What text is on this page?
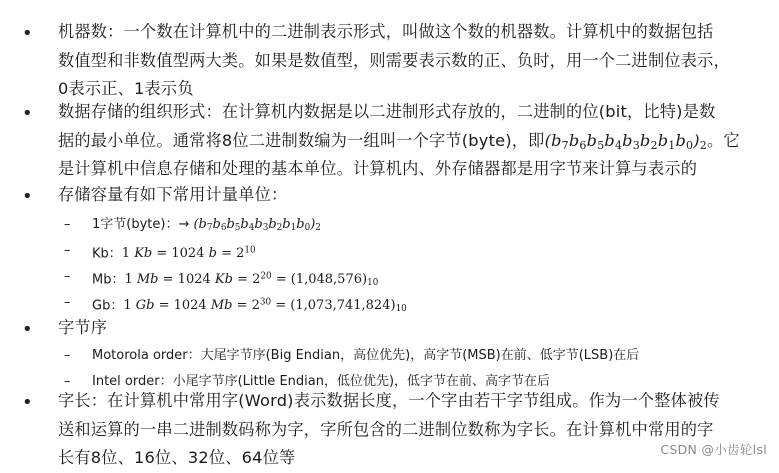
• 机器数：一个数在计算机中的二进制表示形式，叫做这个数的机器数。计算机中的数据包括
数值型和非数值型两大类。如果是数值型，则需要表示数的正、负时，用一个二进制位表示，
0表示正、1表示负
• 数据存储的组织形式：在计算机内数据是以二进制形式存放的，二进制的位(bit，比特)是数
据的最小单位。通常将8位二进制数编为一组叫一个字节(byte)，即$(b_7b_6b_5b_4b_3b_2b_1b_0)_2$。它
是计算机中信息存储和处理的基本单位。计算机内、外存储器都是用字节来计算与表示的
• 存储容量有如下常用计量单位：
–	1字节(byte)：→ $(b_7b_6b_5b_4b_3b_2b_1b_0)_2$
–	Kb：1 Kb = 1024 $b = 2^{10}$
–	Mb：1 Mb = 1024 $Kb = 2^{20} = (1,048,576)_{10}$
–	Gb：1 Gb = 1024 $Mb = 2^{30} = (1,073,741,824)_{10}$
• 字节序
–	Motorola order：大尾字节序(Big Endian，高位优先)，高字节(MSB)在前、低字节(LSB)在后
–	Intel order：小尾字节序(Little Endian，低位优先)，低字节在前、高字节在后
• 字长：在计算机中常用字(Word)表示数据长度，一个字由若干字节组成。作为一个整体被传
送和运算的一串二进制数码称为字，字所包含的二进制位数称为字长。在计算机中常用的字
长有8位、16位、32位、64位等	CSDN @小齿轮lsl
